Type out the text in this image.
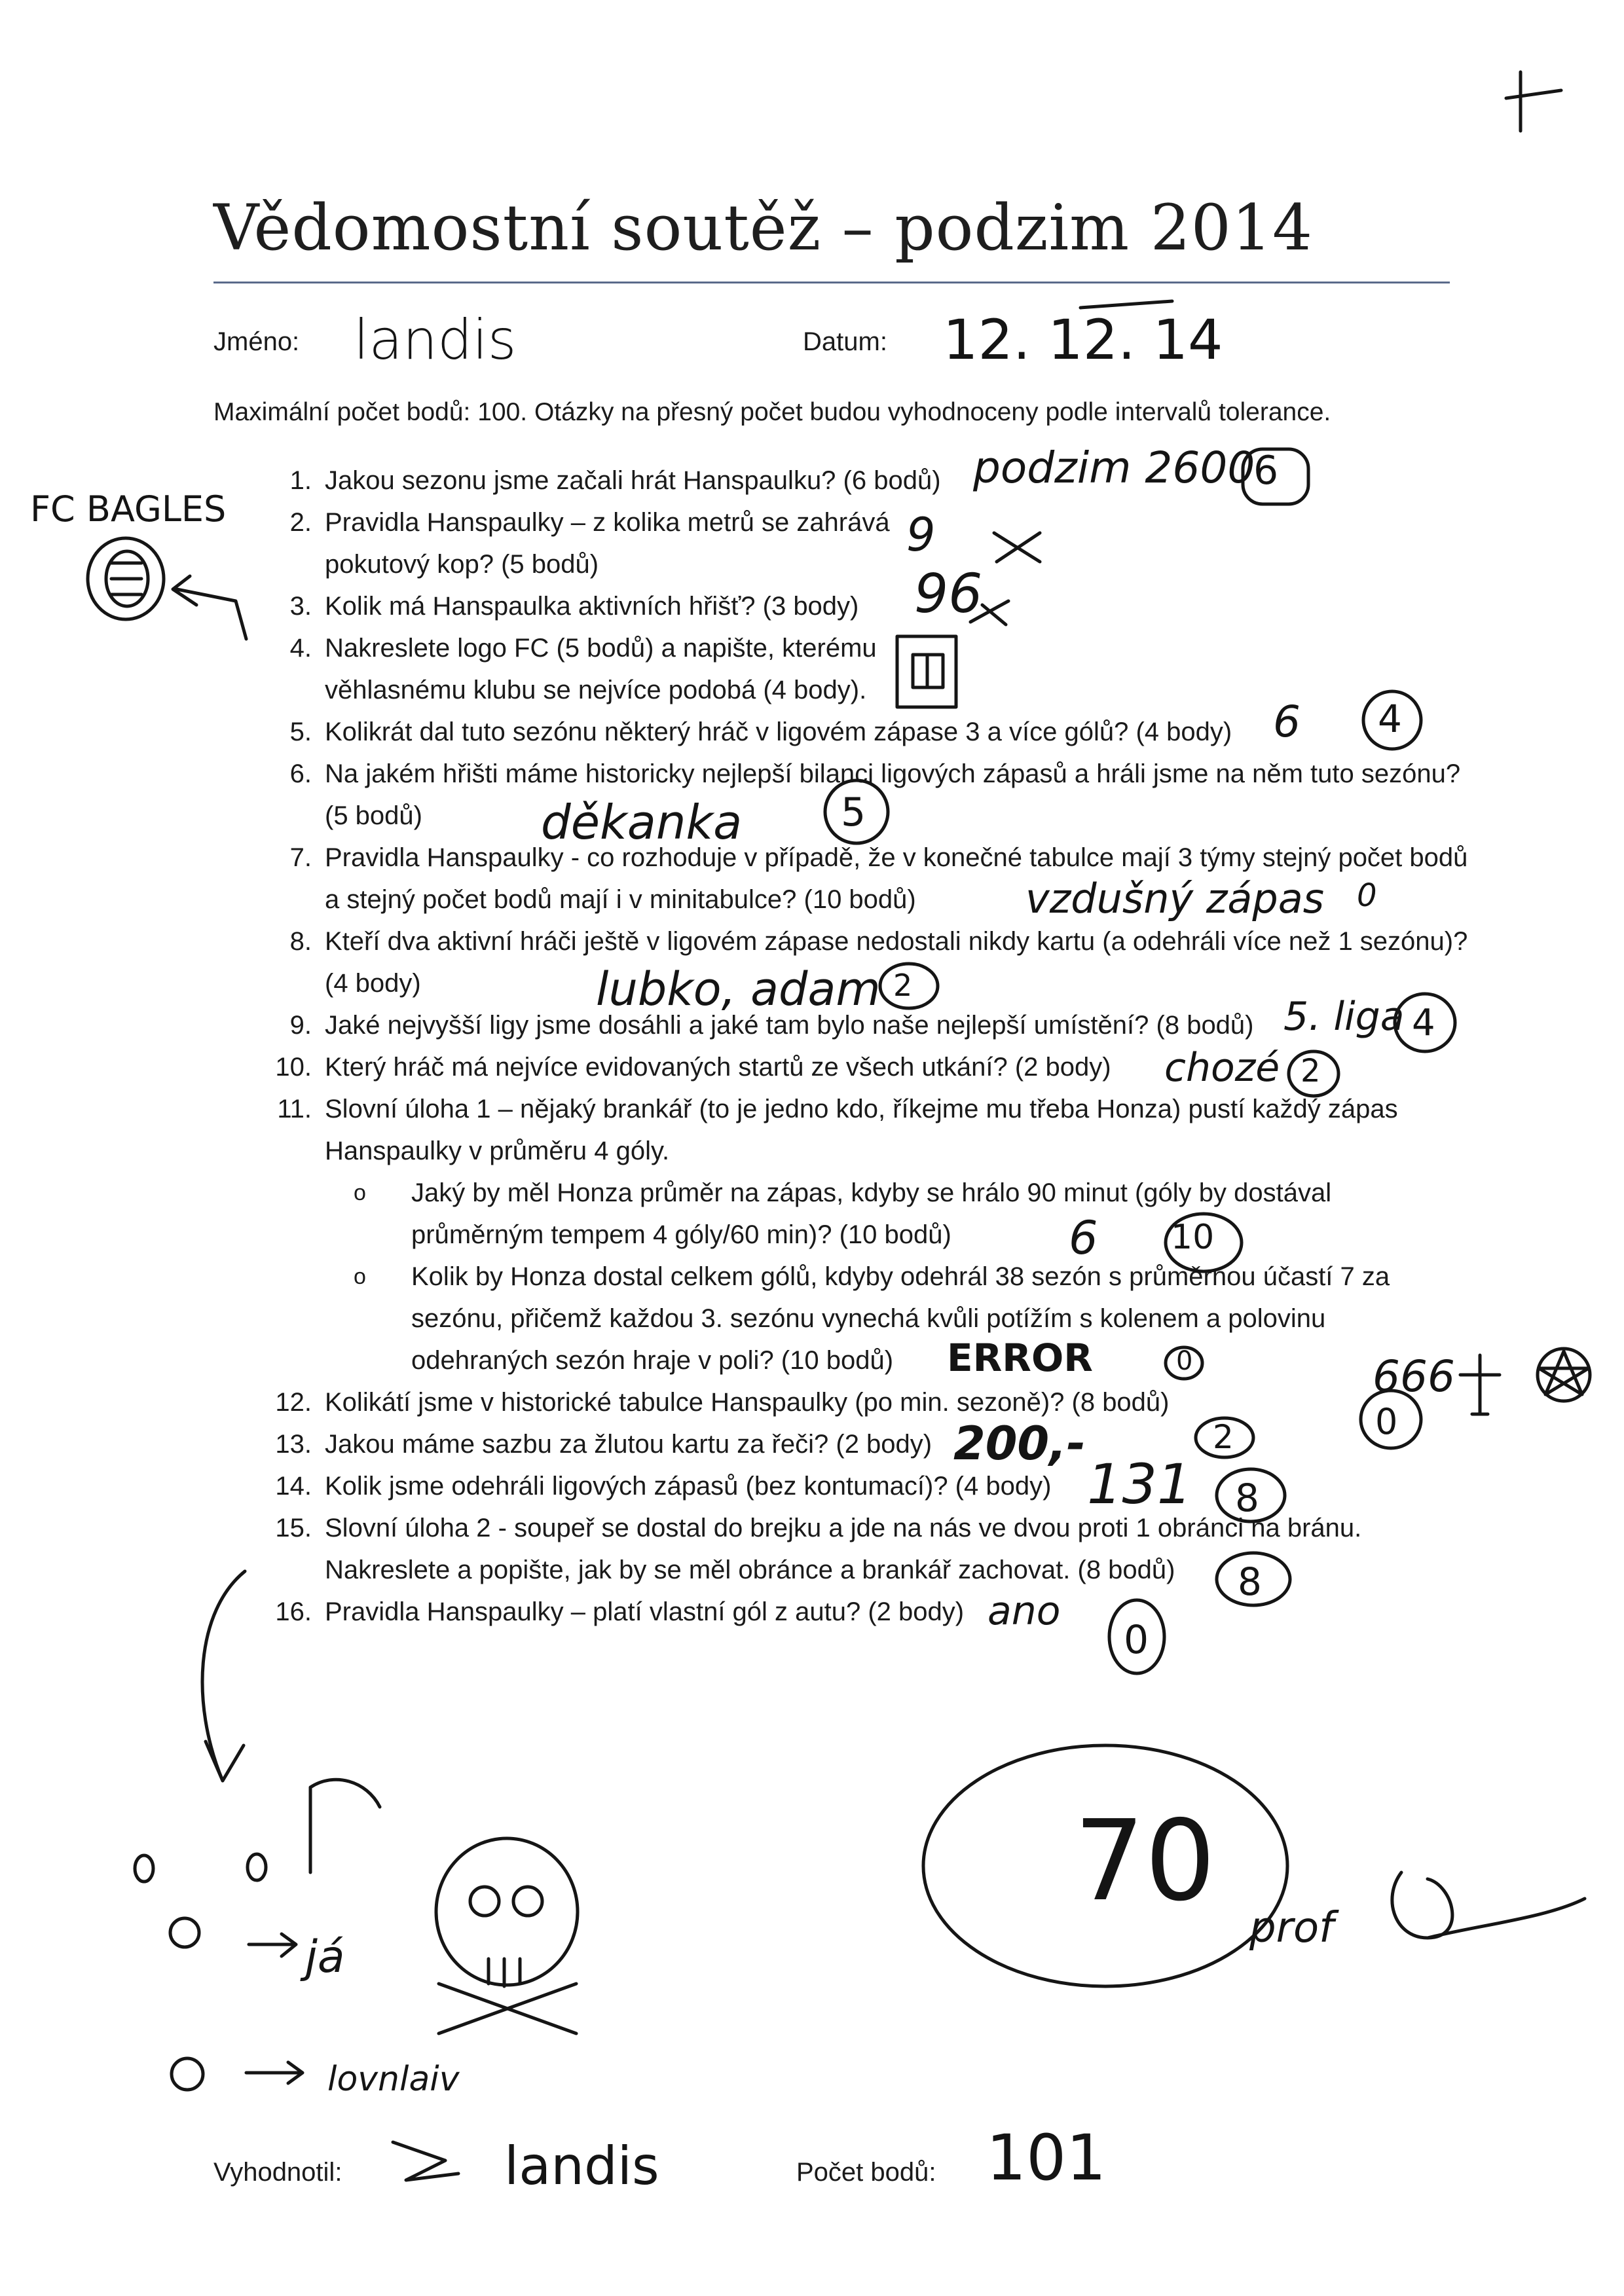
Vědomostní soutěž – podzim 2014
Jméno: landis	Datum: 12. 12. 14
Maximální počet bodů: 100. Otázky na přesný počet budou vyhodnoceny podle intervalů tolerance.
1. Jakou sezonu jsme začali hrát Hanspaulku? (6 bodů)
2. Pravidla Hanspaulky – z kolika metrů se zahrává pokutový kop? (5 bodů)
3. Kolik má Hanspaulka aktivních hřišť? (3 body)
4. Nakreslete logo FC (5 bodů) a napište, kterému věhlasnému klubu se nejvíce podobá (4 body).
5. Kolikrát dal tuto sezónu některý hráč v ligovém zápase 3 a více gólů? (4 body)
6. Na jakém hřišti máme historicky nejlepší bilanci ligových zápasů a hráli jsme na něm tuto sezónu? (5 bodů)
7. Pravidla Hanspaulky - co rozhoduje v případě, že v konečné tabulce mají 3 týmy stejný počet bodů a stejný počet bodů mají i v minitabulce? (10 bodů)
8. Kteří dva aktivní hráči ještě v ligovém zápase nedostali nikdy kartu (a odehráli více než 1 sezónu)? (4 body)
9. Jaké nejvyšší ligy jsme dosáhli a jaké tam bylo naše nejlepší umístění? (8 bodů)
10. Který hráč má nejvíce evidovaných startů ze všech utkání? (2 body)
11. Slovní úloha 1 – nějaký brankář (to je jedno kdo, říkejme mu třeba Honza) pustí každý zápas Hanspaulky v průměru 4 góly.
o	Jaký by měl Honza průměr na zápas, kdyby se hrálo 90 minut (góly by dostával průměrným tempem 4 góly/60 min)? (10 bodů)
o	Kolik by Honza dostal celkem gólů, kdyby odehrál 38 sezón s průměrnou účastí 7 za sezónu, přičemž každou 3. sezónu vynechá kvůli potížím s kolenem a polovinu odehraných sezón hraje v poli? (10 bodů)
12. Kolikátí jsme v historické tabulce Hanspaulky (po min. sezoně)? (8 bodů)
13. Jakou máme sazbu za žlutou kartu za řeči? (2 body)
14. Kolik jsme odehráli ligových zápasů (bez kontumací)? (4 body)
15. Slovní úloha 2 - soupeř se dostal do brejku a jde na nás ve dvou proti 1 obránci na bránu. Nakreslete a popište, jak by se měl obránce a brankář zachovat. (8 bodů)
16. Pravidla Hanspaulky – platí vlastní gól z autu? (2 body)
podzim 2600
9
96
6
děkanka
vzdušný zápas
lubko, adam
5. liga
chozé
6
ERROR	666
200,-
131
ano
FC BAGLES
6
4
5
0
2
4
2
10
0
0
2
8
8
0
70
prof
já
lovnlaiv
Vyhodnotil:	landis	Počet bodů: 101
